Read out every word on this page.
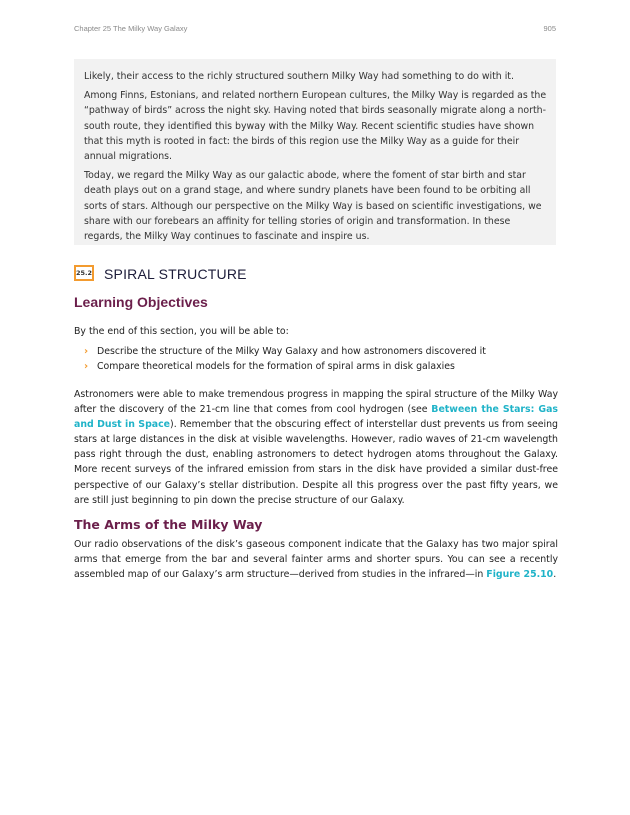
Chapter 25 The Milky Way Galaxy	905

Likely, their access to the richly structured southern Milky Way had something to do with it.

Among Finns, Estonians, and related northern European cultures, the Milky Way is regarded as the “pathway of birds” across the night sky. Having noted that birds seasonally migrate along a north-south route, they identified this byway with the Milky Way. Recent scientific studies have shown that this myth is rooted in fact: the birds of this region use the Milky Way as a guide for their annual migrations.

Today, we regard the Milky Way as our galactic abode, where the foment of star birth and star death plays out on a grand stage, and where sundry planets have been found to be orbiting all sorts of stars. Although our perspective on the Milky Way is based on scientific investigations, we share with our forebears an affinity for telling stories of origin and transformation. In these regards, the Milky Way continues to fascinate and inspire us.

25.2 SPIRAL STRUCTURE
Learning Objectives
By the end of this section, you will be able to:
› Describe the structure of the Milky Way Galaxy and how astronomers discovered it
› Compare theoretical models for the formation of spiral arms in disk galaxies

Astronomers were able to make tremendous progress in mapping the spiral structure of the Milky Way after the discovery of the 21-cm line that comes from cool hydrogen (see Between the Stars: Gas and Dust in Space). Remember that the obscuring effect of interstellar dust prevents us from seeing stars at large distances in the disk at visible wavelengths. However, radio waves of 21-cm wavelength pass right through the dust, enabling astronomers to detect hydrogen atoms throughout the Galaxy. More recent surveys of the infrared emission from stars in the disk have provided a similar dust-free perspective of our Galaxy’s stellar distribution. Despite all this progress over the past fifty years, we are still just beginning to pin down the precise structure of our Galaxy.

The Arms of the Milky Way

Our radio observations of the disk’s gaseous component indicate that the Galaxy has two major spiral arms that emerge from the bar and several fainter arms and shorter spurs. You can see a recently assembled map of our Galaxy’s arm structure—derived from studies in the infrared—in Figure 25.10.
